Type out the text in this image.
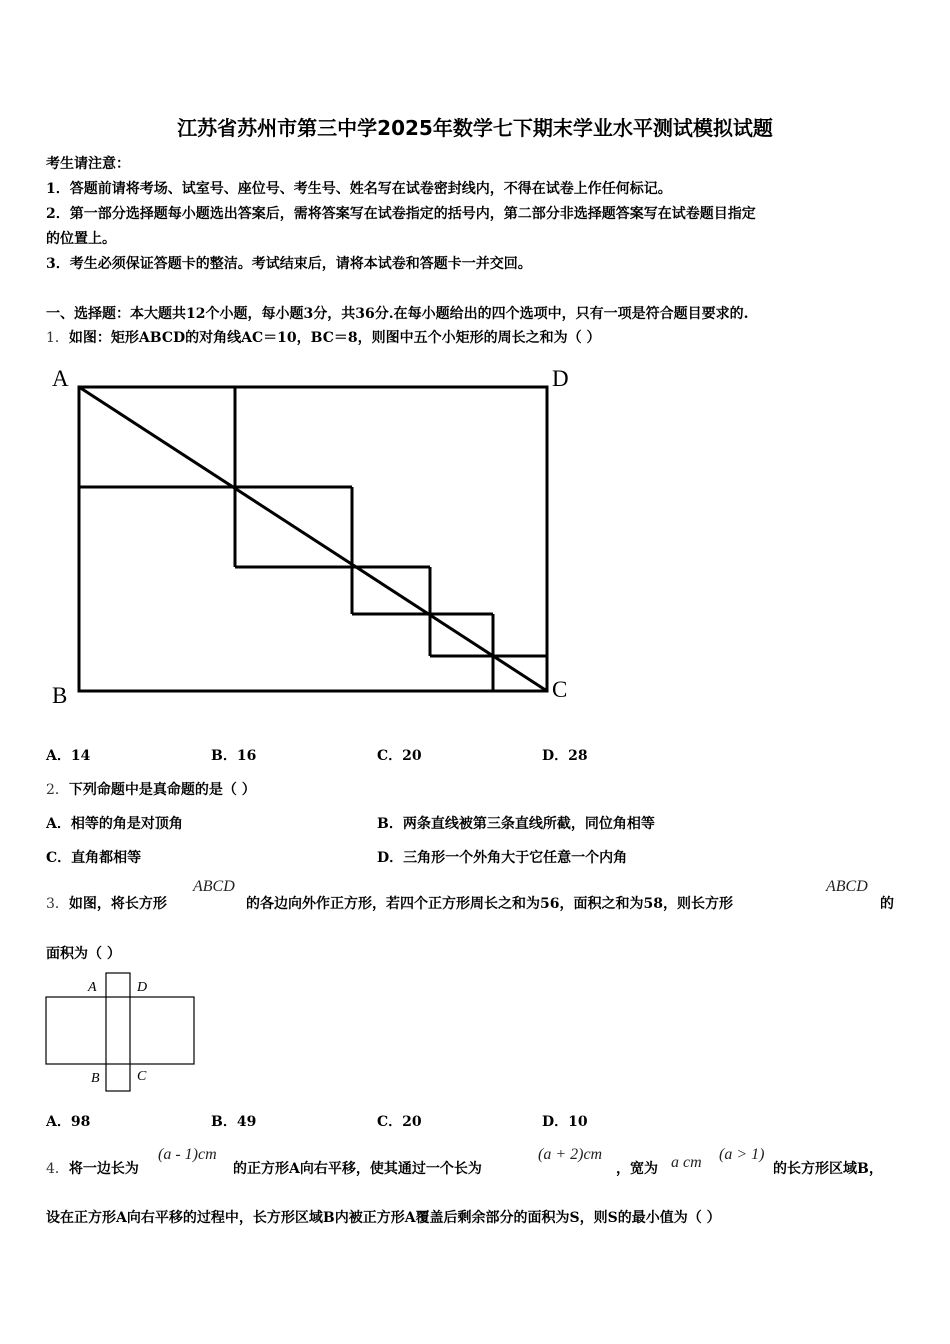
江苏省苏州市第三中学2025年数学七下期末学业水平测试模拟试题
考生请注意：
1．答题前请将考场、试室号、座位号、考生号、姓名写在试卷密封线内，不得在试卷上作任何标记。
2．第一部分选择题每小题选出答案后，需将答案写在试卷指定的括号内，第二部分非选择题答案写在试卷题目指定
的位置上。
3．考生必须保证答题卡的整洁。考试结束后，请将本试卷和答题卡一并交回。
一、选择题：本大题共12个小题，每小题3分，共36分.在每小题给出的四个选项中，只有一项是符合题目要求的.
1．如图：矩形ABCD的对角线AC＝10，BC＝8，则图中五个小矩形的周长之和为（ ）
A	D
B	C
A．14	B．16	C．20	D．28
2．下列命题中是真命题的是（ ）
A．相等的角是对顶角	B．两条直线被第三条直线所截，同位角相等
C．直角都相等	D．三角形一个外角大于它任意一个内角
3．如图，将长方形
ABCD
的各边向外作正方形，若四个正方形周长之和为56，面积之和为58，则长方形
ABCD
的
面积为（ ）
A	D
B	C
A．98	B．49	C．20	D．10
4．将一边长为
(a - 1)cm
的正方形A向右平移，使其通过一个长为
(a + 2)cm
，宽为 a cm (a > 1)
的长方形区域B，
设在正方形A向右平移的过程中，长方形区域B内被正方形A覆盖后剩余部分的面积为S，则S的最小值为（ ）
